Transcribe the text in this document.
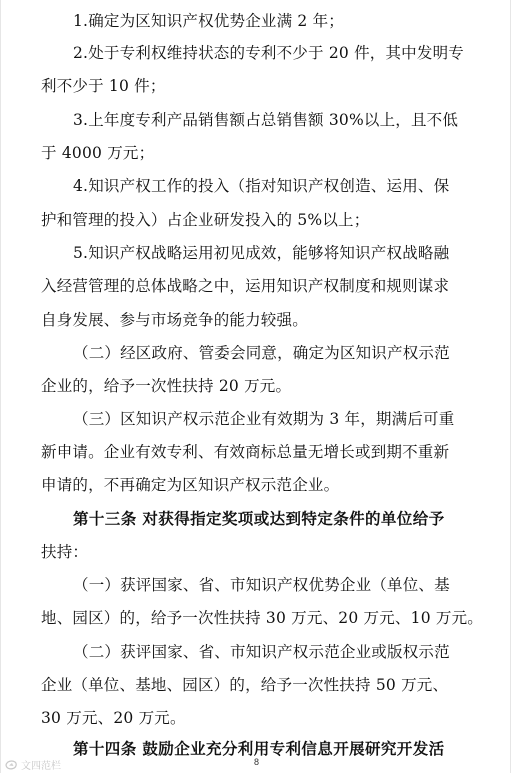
1.确定为区知识产权优势企业满 2 年；
2.处于专利权维持状态的专利不少于 20 件，其中发明专
利不少于 10 件；
3.上年度专利产品销售额占总销售额 30%以上，且不低
于 4000 万元；
4.知识产权工作的投入（指对知识产权创造、运用、保
护和管理的投入）占企业研发投入的 5%以上；
5.知识产权战略运用初见成效，能够将知识产权战略融
入经营管理的总体战略之中，运用知识产权制度和规则谋求
自身发展、参与市场竞争的能力较强。
（二）经区政府、管委会同意，确定为区知识产权示范
企业的，给予一次性扶持 20 万元。
（三）区知识产权示范企业有效期为 3 年，期满后可重
新申请。企业有效专利、有效商标总量无增长或到期不重新
申请的，不再确定为区知识产权示范企业。
第十三条 对获得指定奖项或达到特定条件的单位给予
扶持：
（一）获评国家、省、市知识产权优势企业（单位、基
地、园区）的，给予一次性扶持 30 万元、20 万元、10 万元。
（二）获评国家、省、市知识产权示范企业或版权示范
企业（单位、基地、园区）的，给予一次性扶持 50 万元、
30 万元、20 万元。
第十四条 鼓励企业充分利用专利信息开展研究开发活
8
文四范栏
